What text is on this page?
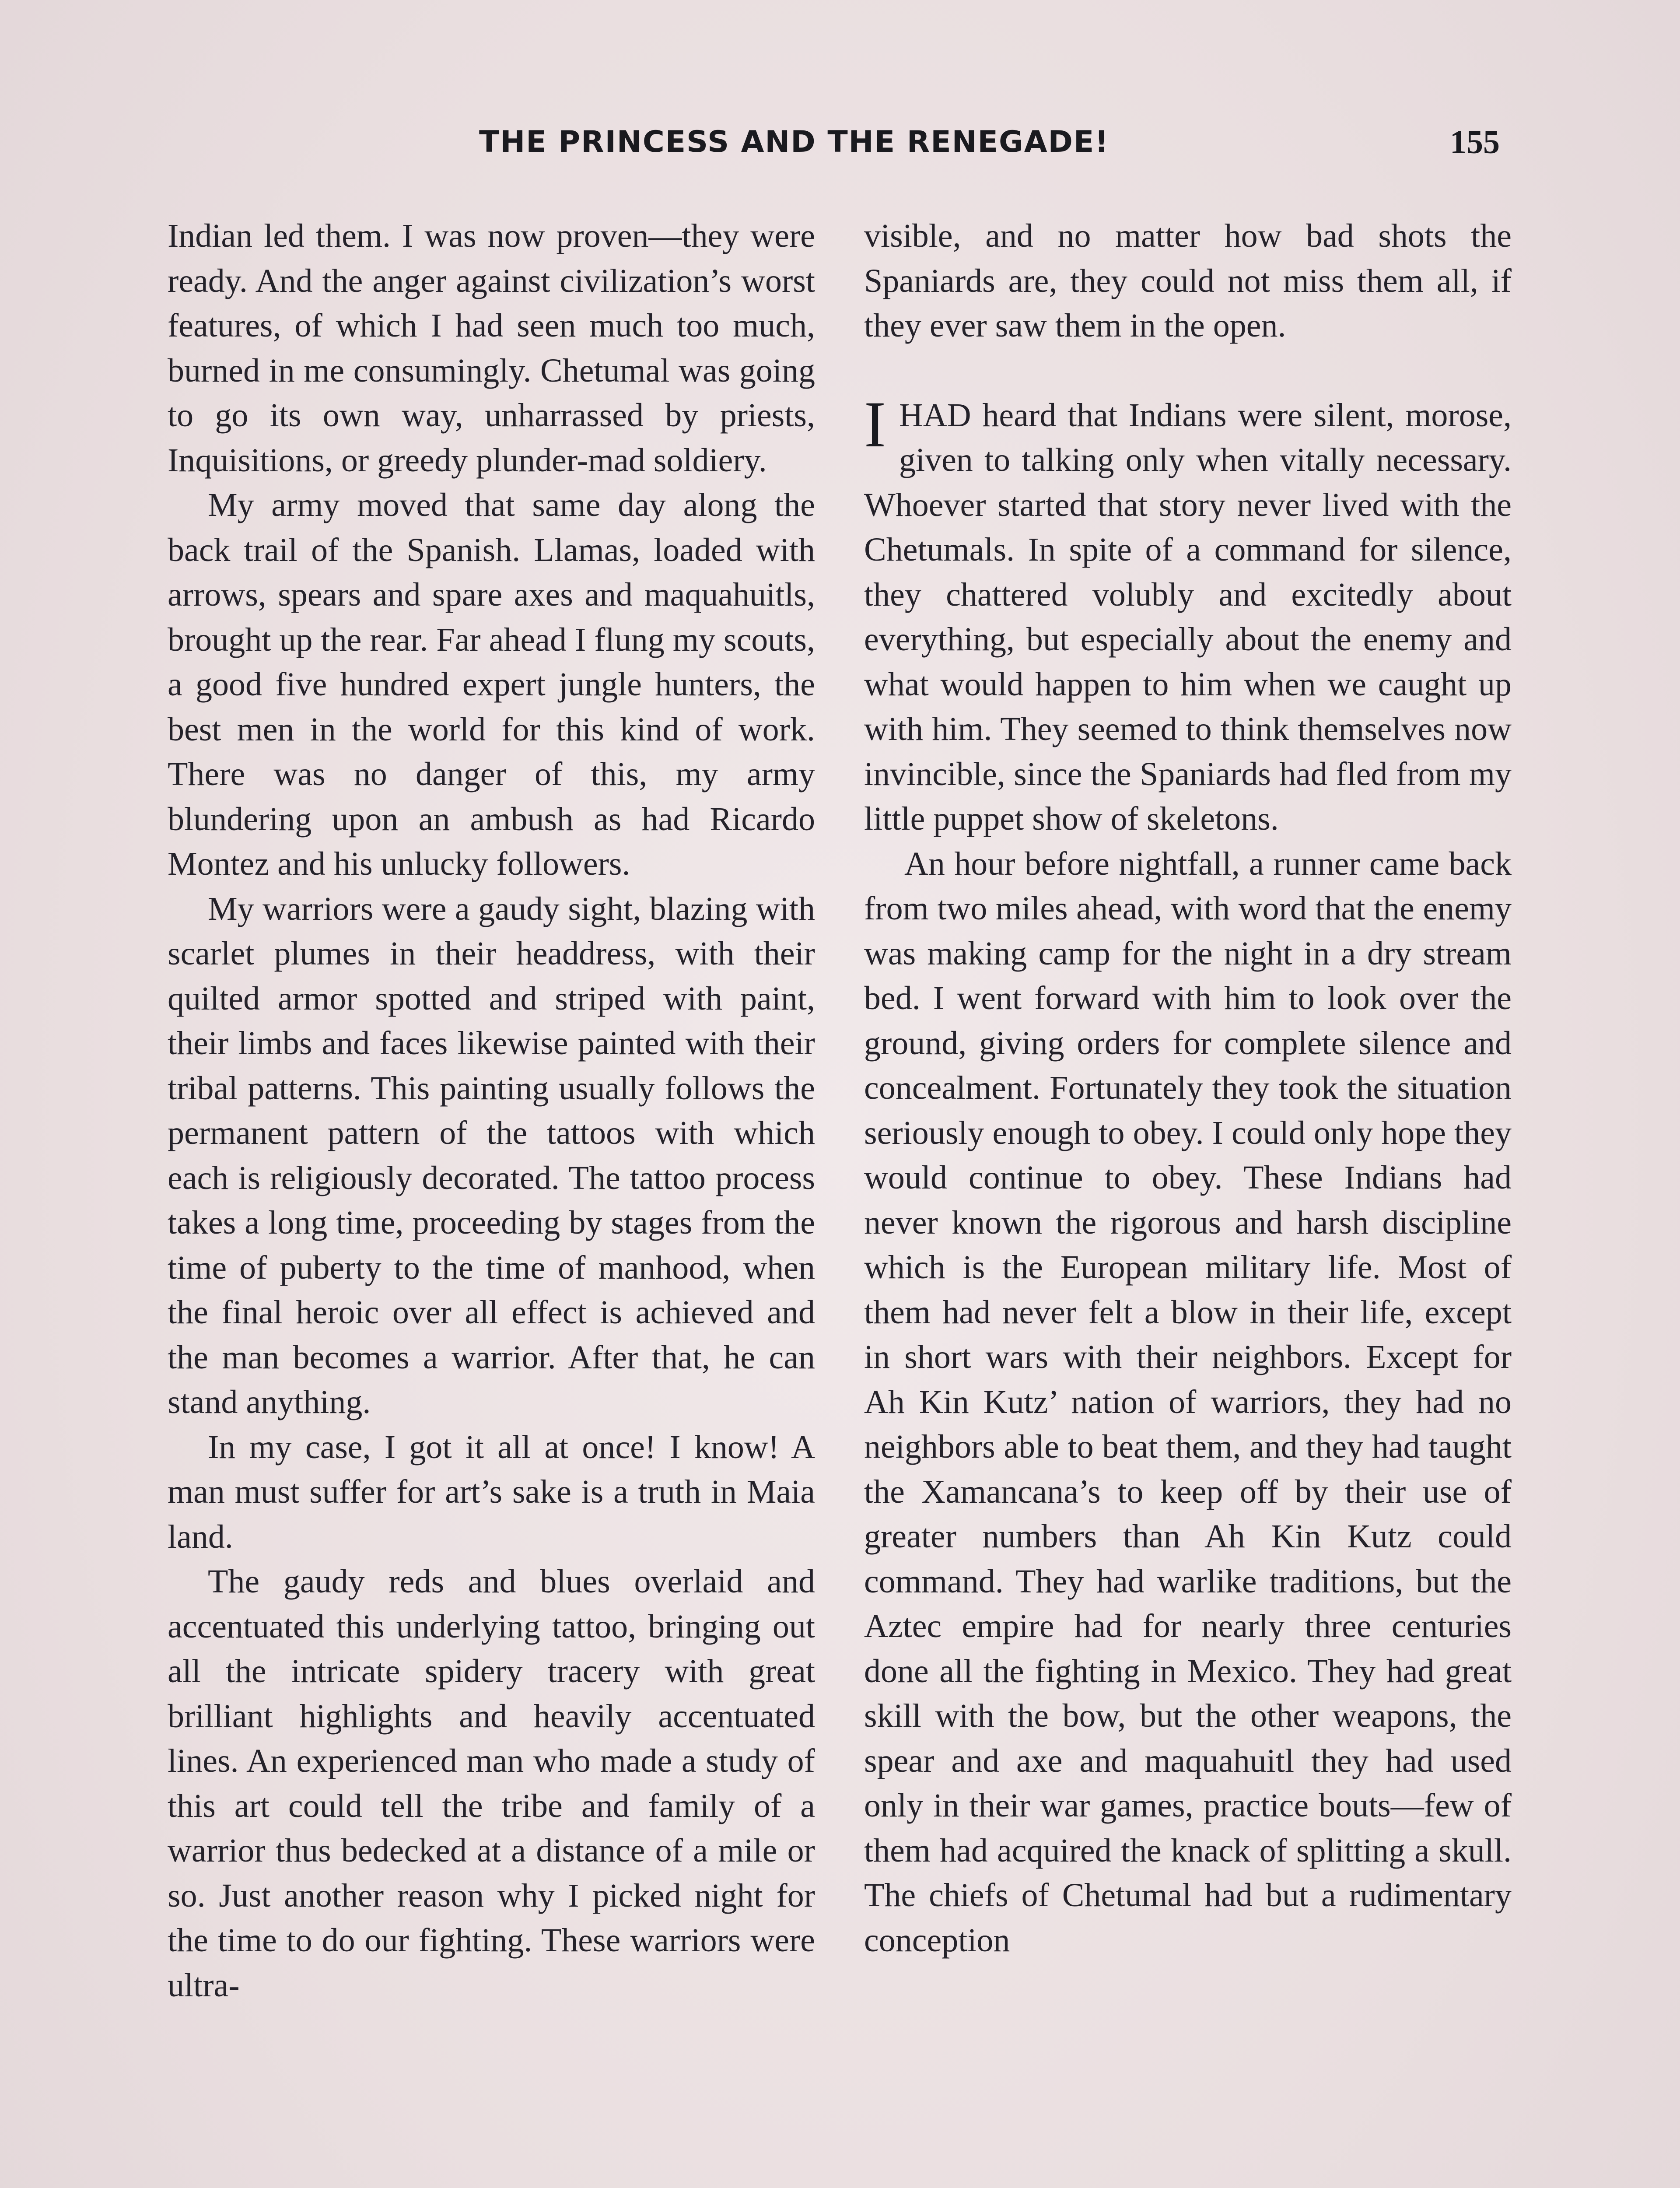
THE PRINCESS AND THE RENEGADE!	155

Indian led them. I was now proven—they were ready. And the anger against civilization’s worst features, of which I had seen much too much, burned in me consumingly. Chetumal was going to go its own way, unharrassed by priests, Inquisitions, or greedy plunder-mad soldiery.

My army moved that same day along the back trail of the Spanish. Llamas, loaded with arrows, spears and spare axes and maquahuitls, brought up the rear. Far ahead I flung my scouts, a good five hundred expert jungle hunters, the best men in the world for this kind of work. There was no danger of this, my army blundering upon an ambush as had Ricardo Montez and his unlucky followers.

My warriors were a gaudy sight, blazing with scarlet plumes in their headdress, with their quilted armor spotted and striped with paint, their limbs and faces likewise painted with their tribal patterns. This painting usually follows the permanent pattern of the tattoos with which each is religiously decorated. The tattoo process takes a long time, proceeding by stages from the time of puberty to the time of manhood, when the final heroic over all effect is achieved and the man becomes a warrior. After that, he can stand anything.

In my case, I got it all at once! I know! A man must suffer for art’s sake is a truth in Maia land.

The gaudy reds and blues overlaid and accentuated this underlying tattoo, bringing out all the intricate spidery tracery with great brilliant highlights and heavily accentuated lines. An experienced man who made a study of this art could tell the tribe and family of a warrior thus bedecked at a distance of a mile or so. Just another reason why I picked night for the time to do our fighting. These warriors were ultra-

visible, and no matter how bad shots the Spaniards are, they could not miss them all, if they ever saw them in the open.

IHAD heard that Indians were silent, morose, given to talking only when vitally necessary. Whoever started that story never lived with the Chetumals. In spite of a command for silence, they chattered volubly and excitedly about everything, but especially about the enemy and what would happen to him when we caught up with him. They seemed to think themselves now invincible, since the Spaniards had fled from my little puppet show of skeletons.

An hour before nightfall, a runner came back from two miles ahead, with word that the enemy was making camp for the night in a dry stream bed. I went forward with him to look over the ground, giving orders for complete silence and concealment. Fortunately they took the situation seriously enough to obey. I could only hope they would continue to obey. These Indians had never known the rigorous and harsh discipline which is the European military life. Most of them had never felt a blow in their life, except in short wars with their neighbors. Except for Ah Kin Kutz’ nation of warriors, they had no neighbors able to beat them, and they had taught the Xamancana’s to keep off by their use of greater numbers than Ah Kin Kutz could command. They had warlike traditions, but the Aztec empire had for nearly three centuries done all the fighting in Mexico. They had great skill with the bow, but the other weapons, the spear and axe and maquahuitl they had used only in their war games, practice bouts—few of them had acquired the knack of splitting a skull. The chiefs of Chetumal had but a rudimentary conception
